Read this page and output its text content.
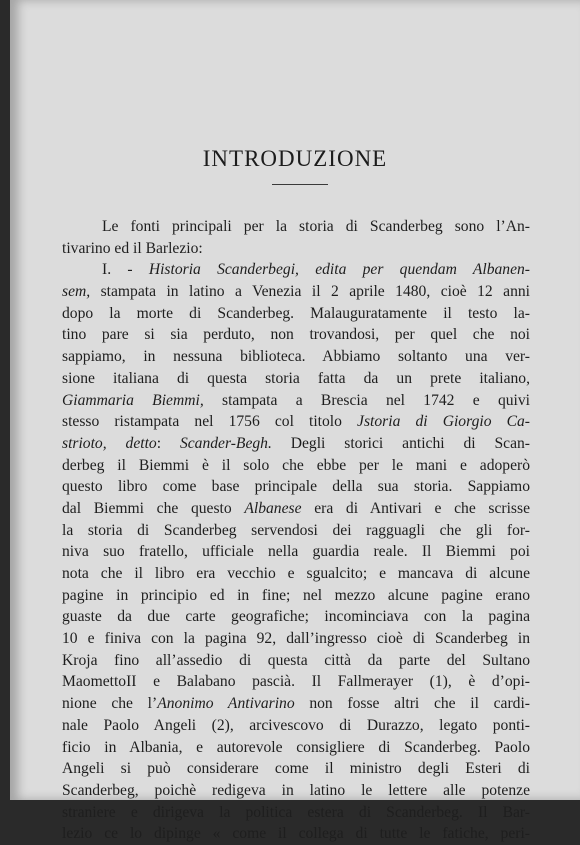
INTRODUZIONE
Le fonti principali per la storia di Scanderbeg sono l’An-
tivarino ed il Barlezio:
I. - Historia Scanderbegi, edita per quendam Albanen-
sem, stampata in latino a Venezia il 2 aprile 1480, cioè 12 anni
dopo la morte di Scanderbeg. Malauguratamente il testo la-
tino pare si sia perduto, non trovandosi, per quel che noi
sappiamo, in nessuna biblioteca. Abbiamo soltanto una ver-
sione italiana di questa storia fatta da un prete italiano,
Giammaria Biemmi, stampata a Brescia nel 1742 e quivi
stesso ristampata nel 1756 col titolo Jstoria di Giorgio Ca-
strioto, detto: Scander-Begh. Degli storici antichi di Scan-
derbeg il Biemmi è il solo che ebbe per le mani e adoperò
questo libro come base principale della sua storia. Sappiamo
dal Biemmi che questo Albanese era di Antivari e che scrisse
la storia di Scanderbeg servendosi dei ragguagli che gli for-
niva suo fratello, ufficiale nella guardia reale. Il Biemmi poi
nota che il libro era vecchio e sgualcito; e mancava di alcune
pagine in principio ed in fine; nel mezzo alcune pagine erano
guaste da due carte geografiche; incominciava con la pagina
10 e finiva con la pagina 92, dall’ingresso cioè di Scanderbeg in
Kroja fino all’assedio di questa città da parte del Sultano
MaomettoII e Balabano pascià. Il Fallmerayer (1), è d’opi-
nione che l’Anonimo Antivarino non fosse altri che il cardi-
nale Paolo Angeli (2), arcivescovo di Durazzo, legato ponti-
ficio in Albania, e autorevole consigliere di Scanderbeg. Paolo
Angeli si può considerare come il ministro degli Esteri di
Scanderbeg, poichè redigeva in latino le lettere alle potenze
straniere e dirigeva la politica estera di Scanderbeg. Il Bar-
lezio ce lo dipinge « come il collega di tutte le fatiche, peri-
